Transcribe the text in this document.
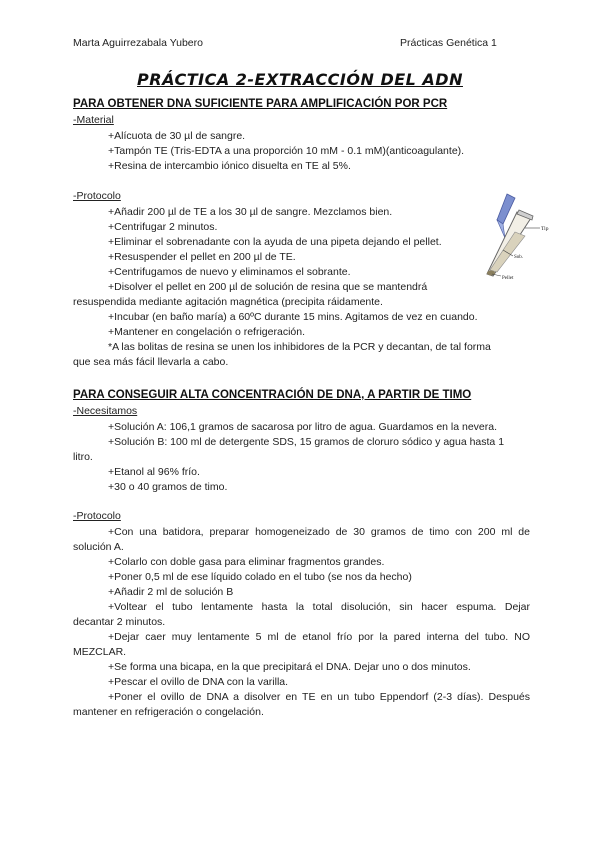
Marta Aguirrezabala Yubero	Prácticas Genética 1
PRÁCTICA 2-EXTRACCIÓN DEL ADN
PARA OBTENER DNA SUFICIENTE PARA AMPLIFICACIÓN POR PCR
-Material
+Alícuota de 30 µl de sangre.
+Tampón TE (Tris-EDTA a una proporción 10 mM - 0.1 mM)(anticoagulante).
+Resina de intercambio iónico disuelta en TE al 5%.
-Protocolo
+Añadir 200 µl de TE a los 30 µl de sangre. Mezclamos bien.
+Centrifugar 2 minutos.
+Eliminar el sobrenadante con la ayuda de una pipeta dejando el pellet.
+Resuspender el pellet en 200 µl de TE.
+Centrifugamos de nuevo y eliminamos el sobrante.
+Disolver el pellet en 200 µl de solución de resina que se mantendrá
resuspendida mediante agitación magnética (precipita ráidamente.
+Incubar (en baño maría) a 60ºC durante 15 mins. Agitamos de vez en cuando.
+Mantener en congelación o refrigeración.
*A las bolitas de resina se unen los inhibidores de la PCR y decantan, de tal forma
que sea más fácil llevarla a cabo.
Tip
Sob.
Pellet
PARA CONSEGUIR ALTA CONCENTRACIÓN DE DNA, A PARTIR DE TIMO
-Necesitamos
+Solución A: 106,1 gramos de sacarosa por litro de agua. Guardamos en la nevera.
+Solución B: 100 ml de detergente SDS, 15 gramos de cloruro sódico y agua hasta 1
litro.
+Etanol al 96% frío.
+30 o 40 gramos de timo.
-Protocolo
+Con una batidora, preparar homogeneizado de 30 gramos de timo con 200 ml de
solución A.
+Colarlo con doble gasa para eliminar fragmentos grandes.
+Poner 0,5 ml de ese líquido colado en el tubo (se nos da hecho)
+Añadir 2 ml de solución B
+Voltear el tubo lentamente hasta la total disolución, sin hacer espuma. Dejar
decantar 2 minutos.
+Dejar caer muy lentamente 5 ml de etanol frío por la pared interna del tubo. NO
MEZCLAR.
+Se forma una bicapa, en la que precipitará el DNA. Dejar uno o dos minutos.
+Pescar el ovillo de DNA con la varilla.
+Poner el ovillo de DNA a disolver en TE en un tubo Eppendorf (2-3 días). Después
mantener en refrigeración o congelación.
